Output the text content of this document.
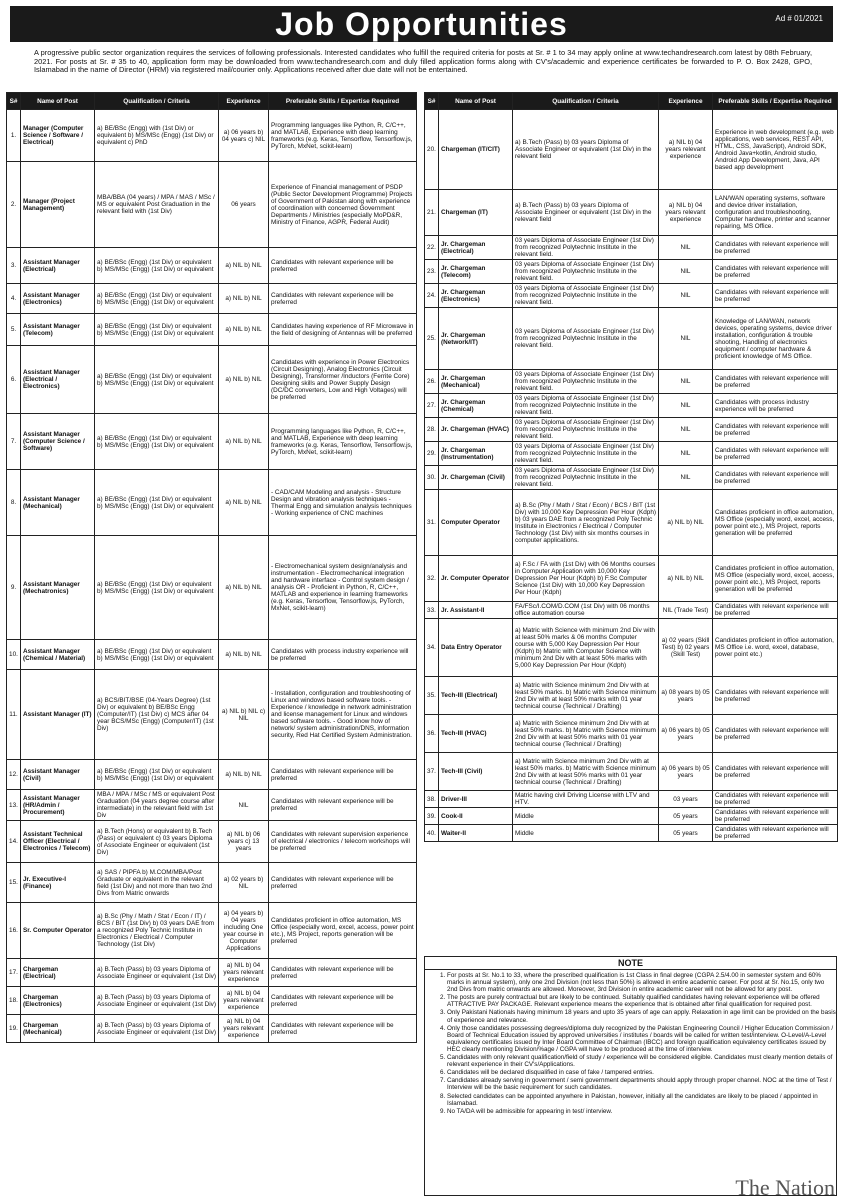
Job Opportunities	Ad # 01/2021
A progressive public sector organization requires the services of following professionals. Interested candidates who fulfill the required criteria for posts at Sr. # 1 to 34 may apply online at www.techandresearch.com latest by 08th February, 2021. For posts at Sr. # 35 to 40, application form may be downloaded from www.techandresearch.com and duly filled application forms along with CV's/academic and experience certificates be forwarded to P. O. Box 2428, GPO, Islamabad in the name of Director (HRM) via registered mail/courier only. Applications received after due date will not be entertained.
S#	Name of Post	Qualification / Criteria	Experience	Preferable Skills / Expertise Required
1.	Manager (Computer Science / Software / Electrical)	a) BE/BSc (Engg) with (1st Div) or equivalent b) MS/MSc (Engg) (1st Div) or equivalent c) PhD	a) 06 years b) 04 years c) NIL	Programming languages like Python, R, C/C++, and MATLAB, Experience with deep learning frameworks (e.g. Keras, Tensorflow, Tensorflow.js, PyTorch, MxNet, scikit-learn)
2.	Manager (Project Management)	MBA/BBA (04 years) / MPA / MAS / MSc / MS or equivalent Post Graduation in the relevant field with (1st Div)	06 years	Experience of Financial management of PSDP (Public Sector Development Programme) Projects of Government of Pakistan along with experience of coordination with concerned Government Departments / Ministries (especially MoPD&R, Ministry of Finance, AGPR, Federal Audit)
3.	Assistant Manager (Electrical)	a) BE/BSc (Engg) (1st Div) or equivalent b) MS/MSc (Engg) (1st Div) or equivalent	a) NIL b) NIL	Candidates with relevant experience will be preferred
4.	Assistant Manager (Electronics)	a) BE/BSc (Engg) (1st Div) or equivalent b) MS/MSc (Engg) (1st Div) or equivalent	a) NIL b) NIL	Candidates with relevant experience will be preferred
5.	Assistant Manager (Telecom)	a) BE/BSc (Engg) (1st Div) or equivalent b) MS/MSc (Engg) (1st Div) or equivalent	a) NIL b) NIL	Candidates having experience of RF Microwave in the field of designing of Antennas will be preferred
6.	Assistant Manager (Electrical / Electronics)	a) BE/BSc (Engg) (1st Div) or equivalent b) MS/MSc (Engg) (1st Div) or equivalent	a) NIL b) NIL	Candidates with experience in Power Electronics (Circuit Designing), Analog Electronics (Circuit Designing), Transformer /Inductors (Ferrite Core) Designing skills and Power Supply Design (DC/DC converters, Low and High Voltages) will be preferred
7.	Assistant Manager (Computer Science / Software)	a) BE/BSc (Engg) (1st Div) or equivalent b) MS/MSc (Engg) (1st Div) or equivalent	a) NIL b) NIL	Programming languages like Python, R, C/C++, and MATLAB, Experience with deep learning frameworks (e.g. Keras, Tensorflow, Tensorflow.js, PyTorch, MxNet, scikit-learn)
8.	Assistant Manager (Mechanical)	a) BE/BSc (Engg) (1st Div) or equivalent b) MS/MSc (Engg) (1st Div) or equivalent	a) NIL b) NIL	- CAD/CAM Modeling and analysis - Structure Design and vibration analysis techniques - Thermal Engg and simulation analysis techniques - Working experience of CNC machines
9.	Assistant Manager (Mechatronics)	a) BE/BSc (Engg) (1st Div) or equivalent b) MS/MSc (Engg) (1st Div) or equivalent	a) NIL b) NIL	- Electromechanical system design/analysis and instrumentation - Electromechanical integration and hardware interface - Control system design / analysis OR - Proficient in Python, R, C/C++, MATLAB and experience in learning frameworks (e.g. Keras, Tensorflow, Tensorflow.js, PyTorch, MxNet, scikit-learn)
10.	Assistant Manager (Chemical / Material)	a) BE/BSc (Engg) (1st Div) or equivalent b) MS/MSc (Engg) (1st Div) or equivalent	a) NIL b) NIL	Candidates with process industry experience will be preferred
11.	Assistant Manager (IT)	a) BCS/BIT/BSE (04-Years Degree) (1st Div) or equivalent b) BE/BSc Engg (Computer/IT) (1st Div) c) MCS after 04 year BCS/MSc (Engg) (Computer/IT) (1st Div)	a) NIL b) NIL c) NIL	- Installation, configuration and troubleshooting of Linux and windows based software tools. - Experience / knowledge in network administration and license management for Linux and windows based software tools. - Good know how of network/ system administration/DNS, information security, Red Hat Certified System Administration.
12.	Assistant Manager (Civil)	a) BE/BSc (Engg) (1st Div) or equivalent b) MS/MSc (Engg) (1st Div) or equivalent	a) NIL b) NIL	Candidates with relevant experience will be preferred
13.	Assistant Manager (HR/Admin / Procurement)	MBA / MPA / MSc / MS or equivalent Post Graduation (04 years degree course after intermediate) in the relevant field with 1st Div	NIL	Candidates with relevant experience will be preferred
14.	Assistant Technical Officer (Electrical / Electronics / Telecom)	a) B.Tech (Hons) or equivalent b) B.Tech (Pass) or equivalent c) 03 years Diploma of Associate Engineer or equivalent (1st Div)	a) NIL b) 06 years c) 13 years	Candidates with relevant supervision experience of electrical / electronics / telecom workshops will be preferred
15.	Jr. Executive-I (Finance)	a) SAS / PIPFA b) M.COM/MBA/Post Graduate or equivalent in the relevant field (1st Div) and not more than two 2nd Divs from Matric onwards	a) 02 years b) NIL	Candidates with relevant experience will be preferred
16.	Sr. Computer Operator	a) B.Sc (Phy / Math / Stat / Econ / IT) / BCS / BIT (1st Div) b) 03 years DAE from a recognized Poly Technic Institute in Electronics / Electrical / Computer Technology (1st Div)	a) 04 years b) 04 years including One year course in Computer Applications	Candidates proficient in office automation, MS Office (especially word, excel, access, power point etc.), MS Project, reports generation will be preferred
17.	Chargeman (Electrical)	a) B.Tech (Pass) b) 03 years Diploma of Associate Engineer or equivalent (1st Div)	a) NIL b) 04 years relevant experience	Candidates with relevant experience will be preferred
18.	Chargeman (Electronics)	a) B.Tech (Pass) b) 03 years Diploma of Associate Engineer or equivalent (1st Div)	a) NIL b) 04 years relevant experience	Candidates with relevant experience will be preferred
19.	Chargeman (Mechanical)	a) B.Tech (Pass) b) 03 years Diploma of Associate Engineer or equivalent (1st Div)	a) NIL b) 04 years relevant experience	Candidates with relevant experience will be preferred
S#	Name of Post	Qualification / Criteria	Experience	Preferable Skills / Expertise Required
20.	Chargeman (IT/CIT)	a) B.Tech (Pass) b) 03 years Diploma of Associate Engineer or equivalent (1st Div) in the relevant field	a) NIL b) 04 years relevant experience	Experience in web development (e.g. web applications, web services, REST API, HTML, CSS, JavaScript), Android SDK, Android Java+kotlin, Android studio, Android App Development, Java, API based app development
21.	Chargeman (IT)	a) B.Tech (Pass) b) 03 years Diploma of Associate Engineer or equivalent (1st Div) in the relevant field	a) NIL b) 04 years relevant experience	LAN/WAN operating systems, software and device driver installation, configuration and troubleshooting, Computer hardware, printer and scanner repairing, MS Office.
22.	Jr. Chargeman (Electrical)	03 years Diploma of Associate Engineer (1st Div) from recognized Polytechnic Institute in the relevant field.	NIL	Candidates with relevant experience will be preferred
23.	Jr. Chargeman (Telecom)	03 years Diploma of Associate Engineer (1st Div) from recognized Polytechnic Institute in the relevant field.	NIL	Candidates with relevant experience will be preferred
24.	Jr. Chargeman (Electronics)	03 years Diploma of Associate Engineer (1st Div) from recognized Polytechnic Institute in the relevant field.	NIL	Candidates with relevant experience will be preferred
25.	Jr. Chargeman (Network/IT)	03 years Diploma of Associate Engineer (1st Div) from recognized Polytechnic Institute in the relevant field.	NIL	Knowledge of LAN/WAN, network devices, operating systems, device driver installation, configuration & trouble shooting, Handling of electronics equipment / computer hardware & proficient knowledge of MS Office.
26.	Jr. Chargeman (Mechanical)	03 years Diploma of Associate Engineer (1st Div) from recognized Polytechnic Institute in the relevant field.	NIL	Candidates with relevant experience will be preferred
27.	Jr. Chargeman (Chemical)	03 years Diploma of Associate Engineer (1st Div) from recognized Polytechnic Institute in the relevant field.	NIL	Candidates with process industry experience will be preferred
28.	Jr. Chargeman (HVAC)	03 years Diploma of Associate Engineer (1st Div) from recognized Polytechnic Institute in the relevant field.	NIL	Candidates with relevant experience will be preferred
29.	Jr. Chargeman (Instrumentation)	03 years Diploma of Associate Engineer (1st Div) from recognized Polytechnic Institute in the relevant field.	NIL	Candidates with relevant experience will be preferred
30.	Jr. Chargeman (Civil)	03 years Diploma of Associate Engineer (1st Div) from recognized Polytechnic Institute in the relevant field.	NIL	Candidates with relevant experience will be preferred
31.	Computer Operator	a) B.Sc (Phy / Math / Stat / Econ) / BCS / BIT (1st Div) with 10,000 Key Depression Per Hour (Kdph) b) 03 years DAE from a recognized Poly Technic Institute in Electronics / Electrical / Computer Technology (1st Div) with six months courses in computer applications.	a) NIL b) NIL	Candidates proficient in office automation, MS Office (especially word, excel, access, power point etc.), MS Project, reports generation will be preferred
32.	Jr. Computer Operator	a) F.Sc / FA with (1st Div) with 06 Months courses in Computer Application with 10,000 Key Depression Per Hour (Kdph) b) F.Sc Computer Science (1st Div) with 10,000 Key Depression Per Hour (Kdph)	a) NIL b) NIL	Candidates proficient in office automation, MS Office (especially word, excel, access, power point etc.), MS Project, reports generation will be preferred
33.	Jr. Assistant-II	FA/FSc/I.COM/D.COM (1st Div) with 06 months office automation course	NIL (Trade Test)	Candidates with relevant experience will be preferred
34.	Data Entry Operator	a) Matric with Science with minimum 2nd Div with at least 50% marks & 06 months Computer course with 5,000 Key Depression Per Hour (Kdph) b) Matric with Computer Science with minimum 2nd Div with at least 50% marks with 5,000 Key Depression Per Hour (Kdph)	a) 02 years (Skill Test) b) 02 years (Skill Test)	Candidates proficient in office automation, MS Office i.e. word, excel, database, power point etc.)
35.	Tech-III (Electrical)	a) Matric with Science minimum 2nd Div with at least 50% marks. b) Matric with Science minimum 2nd Div with at least 50% marks with 01 year technical course (Technical / Drafting)	a) 08 years b) 05 years	Candidates with relevant experience will be preferred
36.	Tech-III (HVAC)	a) Matric with Science minimum 2nd Div with at least 50% marks. b) Matric with Science minimum 2nd Div with at least 50% marks with 01 year technical course (Technical / Drafting)	a) 06 years b) 05 years	Candidates with relevant experience will be preferred
37.	Tech-III (Civil)	a) Matric with Science minimum 2nd Div with at least 50% marks. b) Matric with Science minimum 2nd Div with at least 50% marks with 01 year technical course (Technical / Drafting)	a) 06 years b) 05 years	Candidates with relevant experience will be preferred
38.	Driver-III	Matric having civil Driving License with LTV and HTV.	03 years	Candidates with relevant experience will be preferred
39.	Cook-II	Middle	05 years	Candidates with relevant experience will be preferred
40.	Waiter-II	Middle	05 years	Candidates with relevant experience will be preferred
NOTE
1. For posts at Sr. No.1 to 33, where the prescribed qualification is 1st Class in final degree (CGPA 2.5/4.00 in semester system and 60% marks in annual system), only one 2nd Division (not less than 50%) is allowed in entire academic career. For post at Sr. No.15, only two 2nd Divs from matric onwards are allowed. Moreover, 3rd Division in entire academic career will not be allowed for any post.
2. The posts are purely contractual but are likely to be continued. Suitably qualified candidates having relevant experience will be offered ATTRACTIVE PAY PACKAGE. Relevant experience means the experience that is obtained after final qualification for required post.
3. Only Pakistani Nationals having minimum 18 years and upto 35 years of age can apply. Relaxation in age limit can be provided on the basis of experience and relevance.
4. Only those candidates possessing degrees/diploma duly recognized by the Pakistan Engineering Council / Higher Education Commission / Board of Technical Education issued by approved universities / institutes / boards will be called for written test/interview. O-Level/A-Level equivalency certificates issued by Inter Board Committee of Chairman (IBCC) and foreign qualification equivalency certificates issued by HEC clearly mentioning Division/%age / CGPA will have to be produced at the time of interview.
5. Candidates with only relevant qualification/field of study / experience will be considered eligible. Candidates must clearly mention details of relevant experience in their CV's/Applications.
6. Candidates will be declared disqualified in case of fake / tampered entries.
7. Candidates already serving in government / semi government departments should apply through proper channel. NOC at the time of Test / Interview will be the basic requirement for such candidates.
8. Selected candidates can be appointed anywhere in Pakistan, however, initially all the candidates are likely to be placed / appointed in Islamabad.
9. No TA/DA will be admissible for appearing in test/ interview.
The Nation
